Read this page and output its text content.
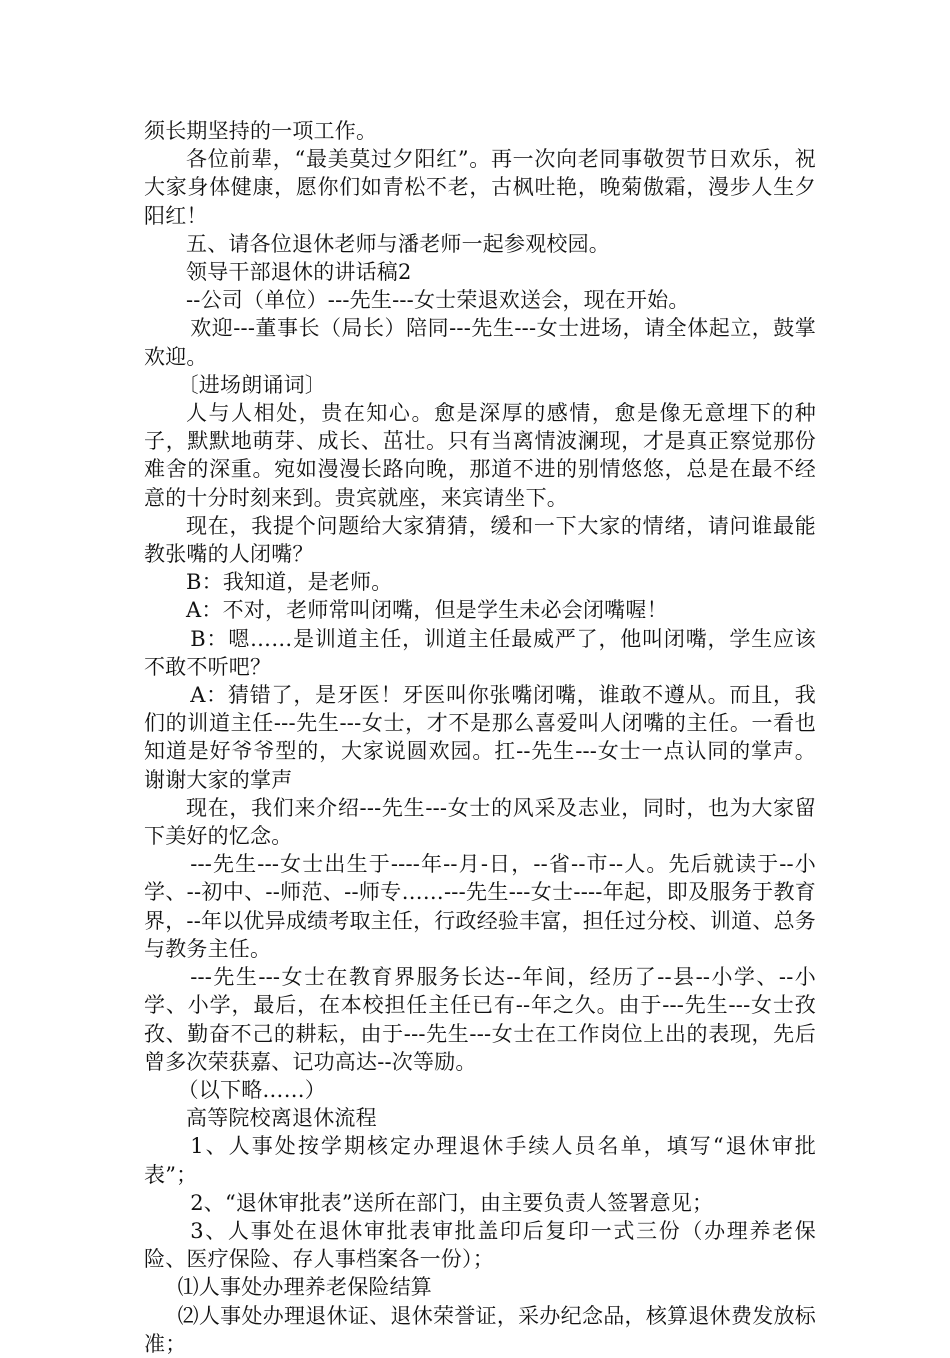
须长期坚持的一项工作。

各位前辈，“最美莫过夕阳红”。再一次向老同事敬贺节日欢乐，祝大家身体健康，愿你们如青松不老，古枫吐艳，晚菊傲霜，漫步人生夕阳红！

五、请各位退休老师与潘老师一起参观校园。

领导干部退休的讲话稿2

--公司（单位）---先生---女士荣退欢送会，现在开始。

欢迎---董事长（局长）陪同---先生---女士进场，请全体起立，鼓掌欢迎。

〔进场朗诵词〕

人与人相处，贵在知心。愈是深厚的感情，愈是像无意埋下的种子，默默地萌芽、成长、茁壮。只有当离情波澜现，才是真正察觉那份难舍的深重。宛如漫漫长路向晚，那道不进的别情悠悠，总是在最不经意的十分时刻来到。贵宾就座，来宾请坐下。

现在，我提个问题给大家猜猜，缓和一下大家的情绪，请问谁最能教张嘴的人闭嘴？

B：我知道，是老师。

A：不对，老师常叫闭嘴，但是学生未必会闭嘴喔！

B：嗯……是训道主任，训道主任最威严了，他叫闭嘴，学生应该不敢不听吧？

A：猜错了，是牙医！牙医叫你张嘴闭嘴，谁敢不遵从。而且，我们的训道主任---先生---女士，才不是那么喜爱叫人闭嘴的主任。一看也知道是好爷爷型的，大家说圆欢园。扛--先生---女士一点认同的掌声。谢谢大家的掌声

现在，我们来介绍---先生---女士的风采及志业，同时，也为大家留下美好的忆念。

---先生---女士出生于----年--月-日，--省--市--人。先后就读于--小学、--初中、--师范、--师专……---先生---女士----年起，即及服务于教育界，--年以优异成绩考取主任，行政经验丰富，担任过分校、训道、总务与教务主任。

---先生---女士在教育界服务长达--年间，经历了--县--小学、--小学、小学，最后，在本校担任主任已有--年之久。由于---先生---女士孜孜、勤奋不己的耕耘，由于---先生---女士在工作岗位上出的表现，先后曾多次荣获嘉、记功高达--次等励。

（以下略……）

高等院校离退休流程

1、人事处按学期核定办理退休手续人员名单，填写“退休审批表”；

2、“退休审批表”送所在部门，由主要负责人签署意见；

3、人事处在退休审批表审批盖印后复印一式三份（办理养老保险、医疗保险、存人事档案各一份）；

⑴人事处办理养老保险结算

⑵人事处办理退休证、退休荣誉证，采办纪念品，核算退休费发放标准；
